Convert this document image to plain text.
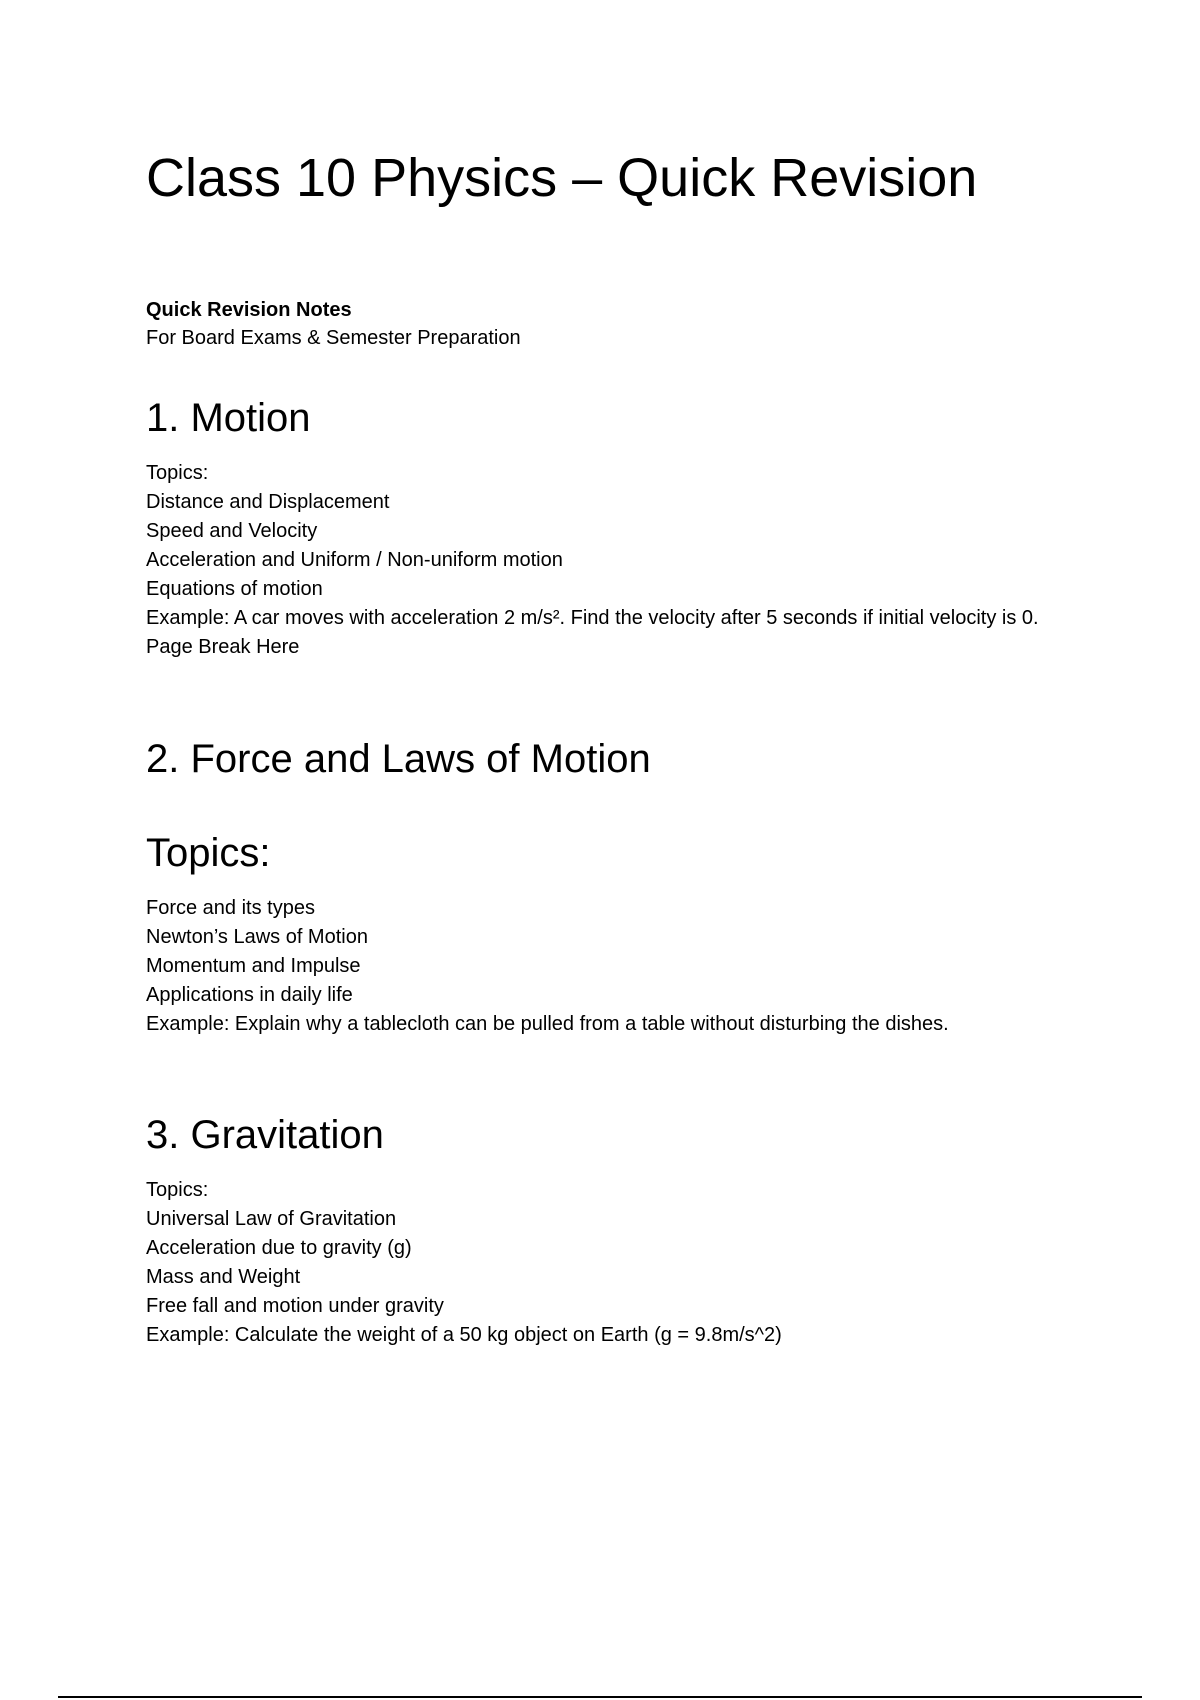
Class 10 Physics – Quick Revision

Quick Revision Notes

For Board Exams & Semester Preparation

1. Motion
Topics:
Distance and Displacement
Speed and Velocity
Acceleration and Uniform / Non-uniform motion
Equations of motion
Example: A car moves with acceleration 2 m/s². Find the velocity after 5 seconds if initial velocity is 0.
Page Break Here
2. Force and Laws of Motion
Topics:
Force and its types
Newton’s Laws of Motion
Momentum and Impulse
Applications in daily life
Example: Explain why a tablecloth can be pulled from a table without disturbing the dishes.
3. Gravitation
Topics:
Universal Law of Gravitation
Acceleration due to gravity (g)
Mass and Weight
Free fall and motion under gravity
Example: Calculate the weight of a 50 kg object on Earth (g = 9.8m/s^2)
